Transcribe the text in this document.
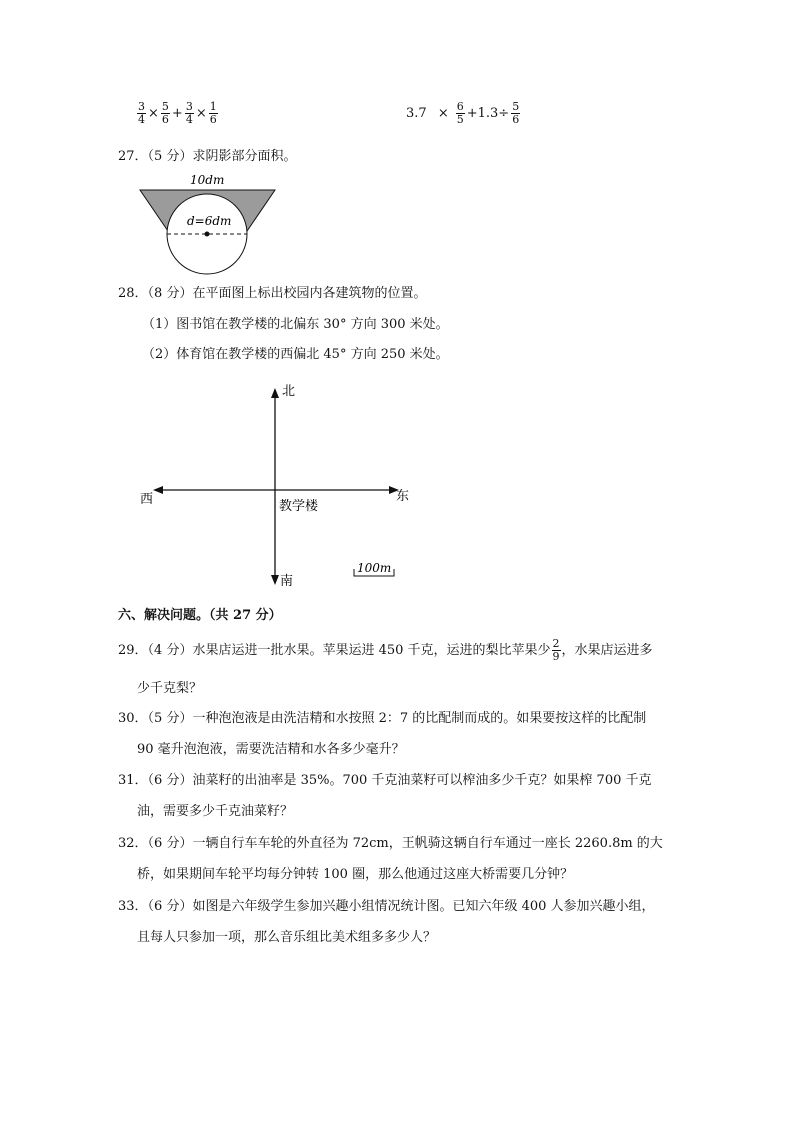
$\frac{3}{4} \times \frac{5}{6} + \frac{3}{4} \times \frac{1}{6}$	$3.7 \times \frac{6}{5} +1.3\div \frac{5}{6}$
27．（5 分）求阴影部分面积。
10dm
d=6dm
28．（8 分）在平面图上标出校园内各建筑物的位置。
（1）图书馆在教学楼的北偏东 30° 方向 300 米处。
（2）体育馆在教学楼的西偏北 45° 方向 250 米处。
北
南
东
西	教学楼
100m
六、解决问题。（共 27 分）
29．（4 分）水果店运进一批水果。苹果运进 450 千克，运进的梨比苹果少 $\frac{2}{9}$ ，水果店运进多
少千克梨？
30．（5 分）一种泡泡液是由洗洁精和水按照 2：7 的比配制而成的。如果要按这样的比配制
90 毫升泡泡液，需要洗洁精和水各多少毫升？
31．（6 分）油菜籽的出油率是 35%。700 千克油菜籽可以榨油多少千克？如果榨 700 千克
油，需要多少千克油菜籽？
32．（6 分）一辆自行车车轮的外直径为 72cm，王帆骑这辆自行车通过一座长 2260.8m 的大
桥，如果期间车轮平均每分钟转 100 圈，那么他通过这座大桥需要几分钟？
33．（6 分）如图是六年级学生参加兴趣小组情况统计图。已知六年级 400 人参加兴趣小组，
且每人只参加一项，那么音乐组比美术组多多少人？
